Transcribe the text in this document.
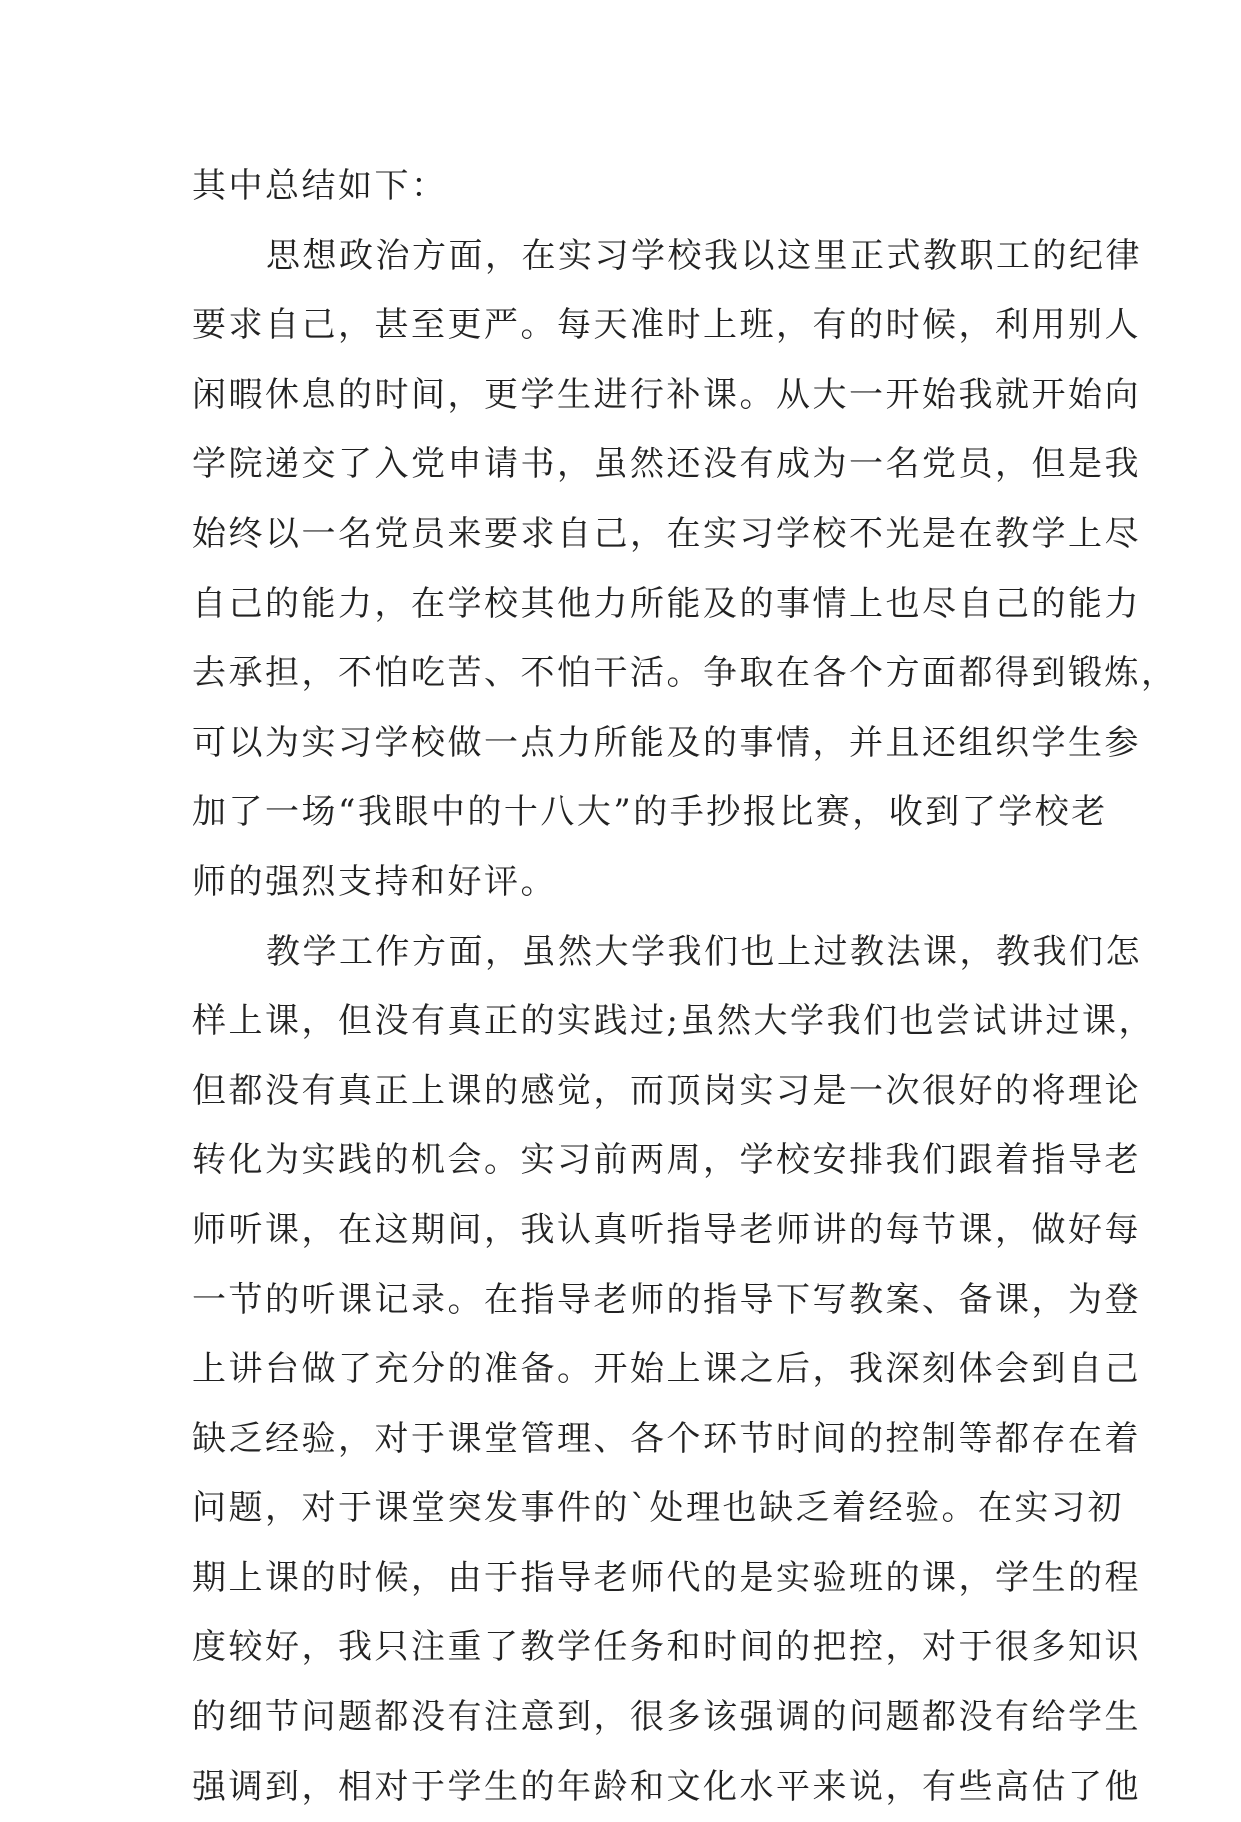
其中总结如下：
思想政治方面，在实习学校我以这里正式教职工的纪律
要求自己，甚至更严。每天准时上班，有的时候，利用别人
闲暇休息的时间，更学生进行补课。从大一开始我就开始向
学院递交了入党申请书，虽然还没有成为一名党员，但是我
始终以一名党员来要求自己，在实习学校不光是在教学上尽
自己的能力，在学校其他力所能及的事情上也尽自己的能力
去承担，不怕吃苦、不怕干活。争取在各个方面都得到锻炼，
可以为实习学校做一点力所能及的事情，并且还组织学生参
加了一场“我眼中的十八大”的手抄报比赛，收到了学校老
师的强烈支持和好评。
教学工作方面，虽然大学我们也上过教法课，教我们怎
样上课，但没有真正的实践过;虽然大学我们也尝试讲过课，
但都没有真正上课的感觉，而顶岗实习是一次很好的将理论
转化为实践的机会。实习前两周，学校安排我们跟着指导老
师听课，在这期间，我认真听指导老师讲的每节课，做好每
一节的听课记录。在指导老师的指导下写教案、备课，为登
上讲台做了充分的准备。开始上课之后，我深刻体会到自己
缺乏经验，对于课堂管理、各个环节时间的控制等都存在着
问题，对于课堂突发事件的`处理也缺乏着经验。在实习初
期上课的时候，由于指导老师代的是实验班的课，学生的程
度较好，我只注重了教学任务和时间的把控，对于很多知识
的细节问题都没有注意到，很多该强调的问题都没有给学生
强调到，相对于学生的年龄和文化水平来说，有些高估了他
